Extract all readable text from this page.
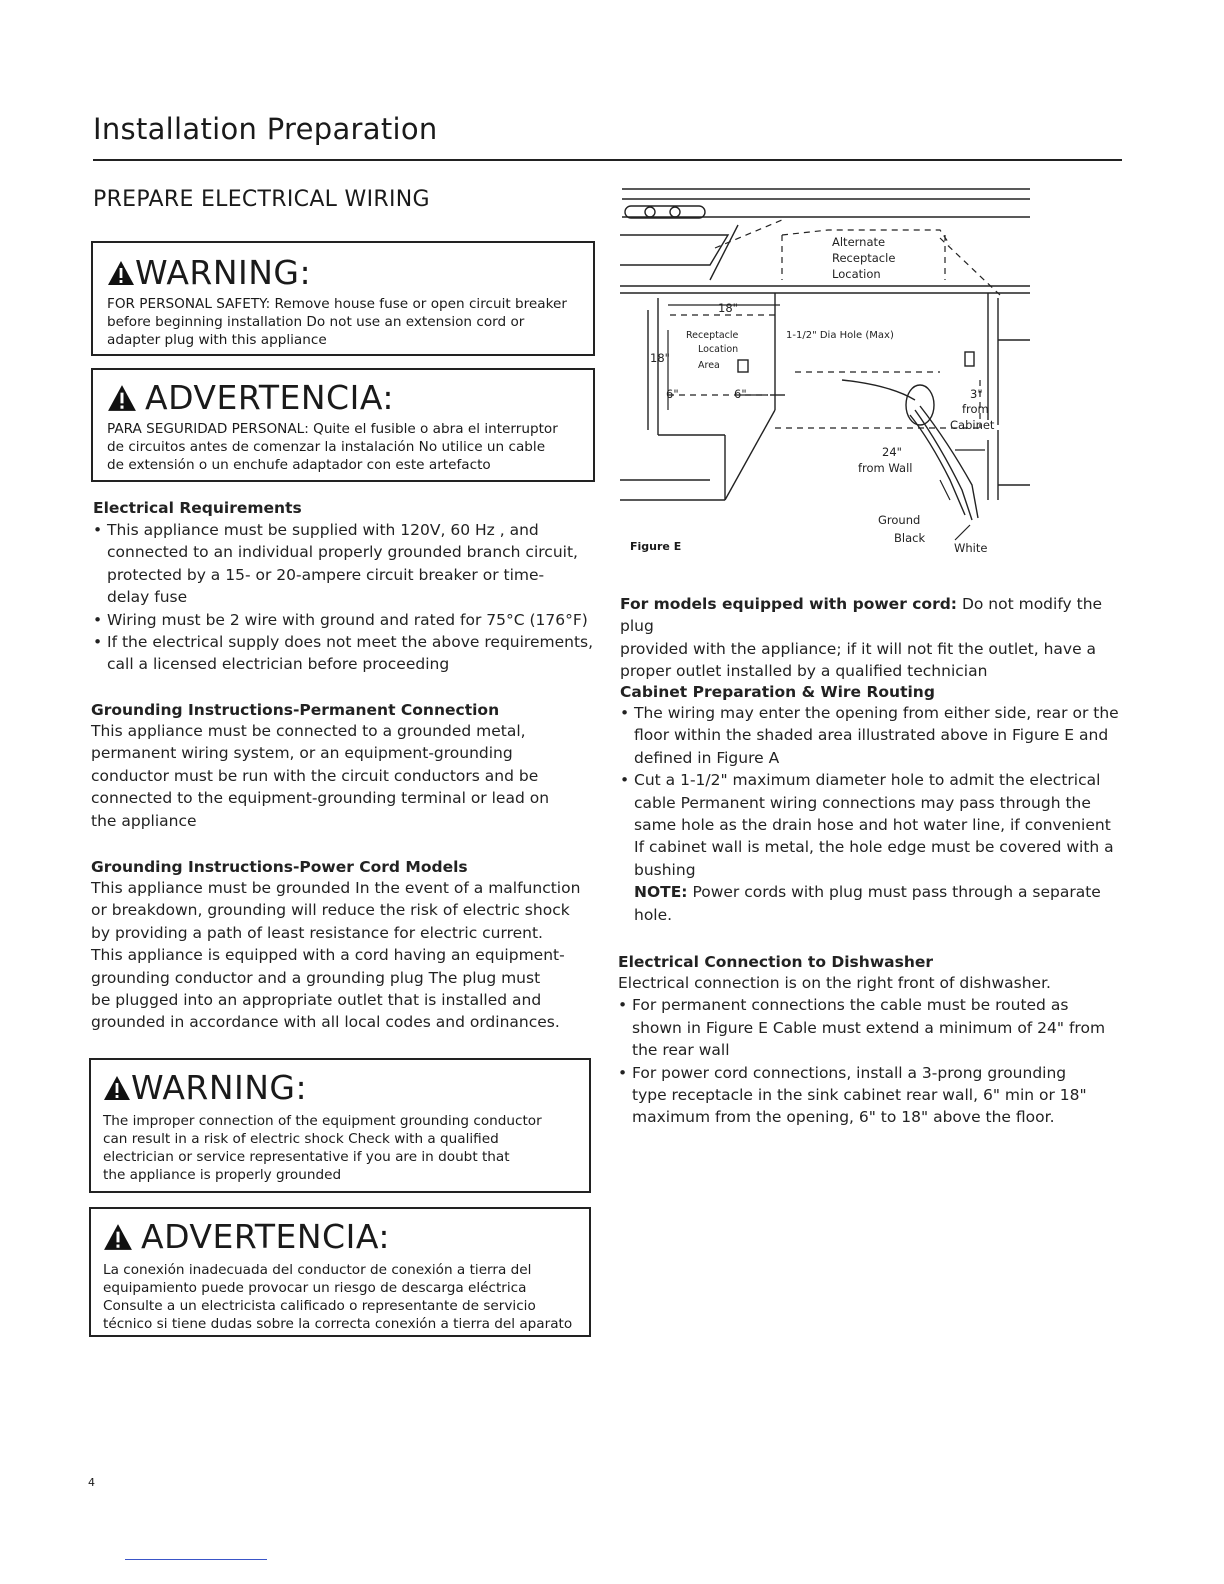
Installation Preparation
PREPARE ELECTRICAL WIRING
WARNING:
FOR PERSONAL SAFETY: Remove house fuse or open circuit breaker
before beginning installation Do not use an extension cord or
adapter plug with this appliance
ADVERTENCIA:
PARA SEGURIDAD PERSONAL: Quite el fusible o abra el interruptor
de circuitos antes de comenzar la instalación No utilice un cable
de extensión o un enchufe adaptador con este artefacto
Electrical Requirements
• This appliance must be supplied with 120V, 60 Hz , and
connected to an individual properly grounded branch circuit,
protected by a 15- or 20-ampere circuit breaker or time-
delay fuse
• Wiring must be 2 wire with ground and rated for 75°C (176°F)
• If the electrical supply does not meet the above requirements,
call a licensed electrician before proceeding
Grounding Instructions-Permanent Connection
This appliance must be connected to a grounded metal,
permanent wiring system, or an equipment-grounding
conductor must be run with the circuit conductors and be
connected to the equipment-grounding terminal or lead on
the appliance
Grounding Instructions-Power Cord Models
This appliance must be grounded In the event of a malfunction
or breakdown, grounding will reduce the risk of electric shock
by providing a path of least resistance for electric current.
This appliance is equipped with a cord having an equipment-
grounding conductor and a grounding plug The plug must
be plugged into an appropriate outlet that is installed and
grounded in accordance with all local codes and ordinances.
WARNING:
The improper connection of the equipment grounding conductor
can result in a risk of electric shock Check with a qualified
electrician or service representative if you are in doubt that
the appliance is properly grounded
ADVERTENCIA:
La conexión inadecuada del conductor de conexión a tierra del
equipamiento puede provocar un riesgo de descarga eléctrica
Consulte a un electricista calificado o representante de servicio
técnico si tiene dudas sobre la correcta conexión a tierra del aparato
Alternate
Receptacle
Location
18"
Receptacle
Location
Area
1-1/2" Dia Hole (Max)
18"
6"	6"	3"
from
Cabinet
24"
from Wall
Ground
Black
White
Figure E
For models equipped with power cord: Do not modify the plug
provided with the appliance; if it will not fit the outlet, have a
proper outlet installed by a qualified technician
Cabinet Preparation & Wire Routing
• The wiring may enter the opening from either side, rear or the
floor within the shaded area illustrated above in Figure E and
defined in Figure A
• Cut a 1-1/2" maximum diameter hole to admit the electrical
cable Permanent wiring connections may pass through the
same hole as the drain hose and hot water line, if convenient
If cabinet wall is metal, the hole edge must be covered with a
bushing
NOTE: Power cords with plug must pass through a separate
hole.
Electrical Connection to Dishwasher
Electrical connection is on the right front of dishwasher.
• For permanent connections the cable must be routed as
shown in Figure E Cable must extend a minimum of 24" from
the rear wall
• For power cord connections, install a 3-prong grounding
type receptacle in the sink cabinet rear wall, 6" min or 18"
maximum from the opening, 6" to 18" above the floor.
4
